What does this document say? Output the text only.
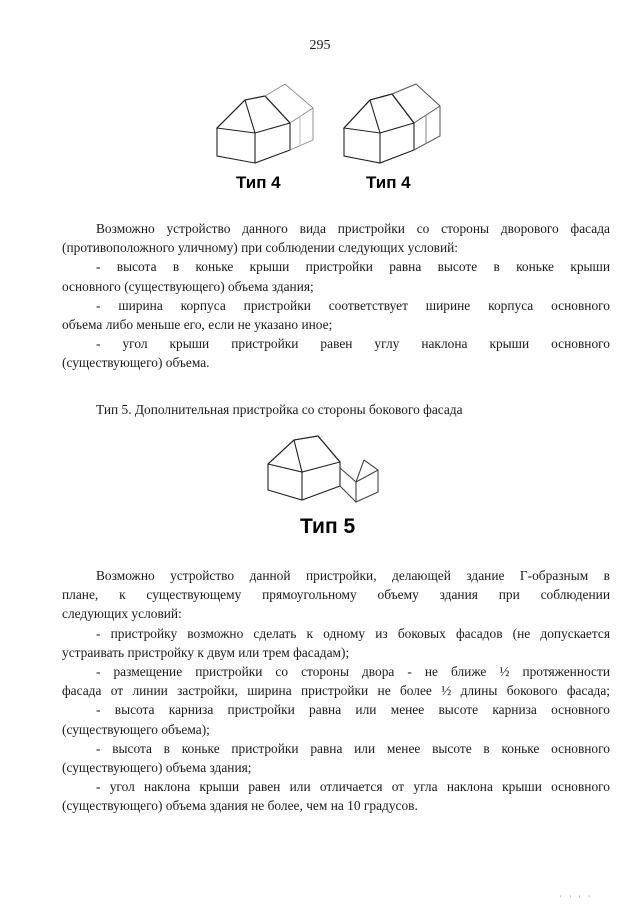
295
Тип 4	Тип 4
Возможно устройство данного вида пристройки со стороны дворового фасада
(противоположного уличному) при соблюдении следующих условий:
- высота в коньке крыши пристройки равна высоте в коньке крыши
основного (существующего) объема здания;
- ширина корпуса пристройки соответствует ширине корпуса основного
объема либо меньше его, если не указано иное;
- угол крыши пристройки равен углу наклона крыши основного
(существующего) объема.
Тип 5. Дополнительная пристройка со стороны бокового фасада
Тип 5
Возможно устройство данной пристройки, делающей здание Г-образным в
плане, к существующему прямоугольному объему здания при соблюдении
следующих условий:
- пристройку возможно сделать к одному из боковых фасадов (не допускается
устраивать пристройку к двум или трем фасадам);
- размещение пристройки со стороны двора - не ближе ½ протяженности
фасада от линии застройки, ширина пристройки не более ½ длины бокового фасада;
- высота карниза пристройки равна или менее высоте карниза основного
(существующего объема);
- высота в коньке пристройки равна или менее высоте в коньке основного
(существующего) объема здания;
- угол наклона крыши равен или отличается от угла наклона крыши основного
(существующего) объема здания не более, чем на 10 градусов.
' ' ' '
